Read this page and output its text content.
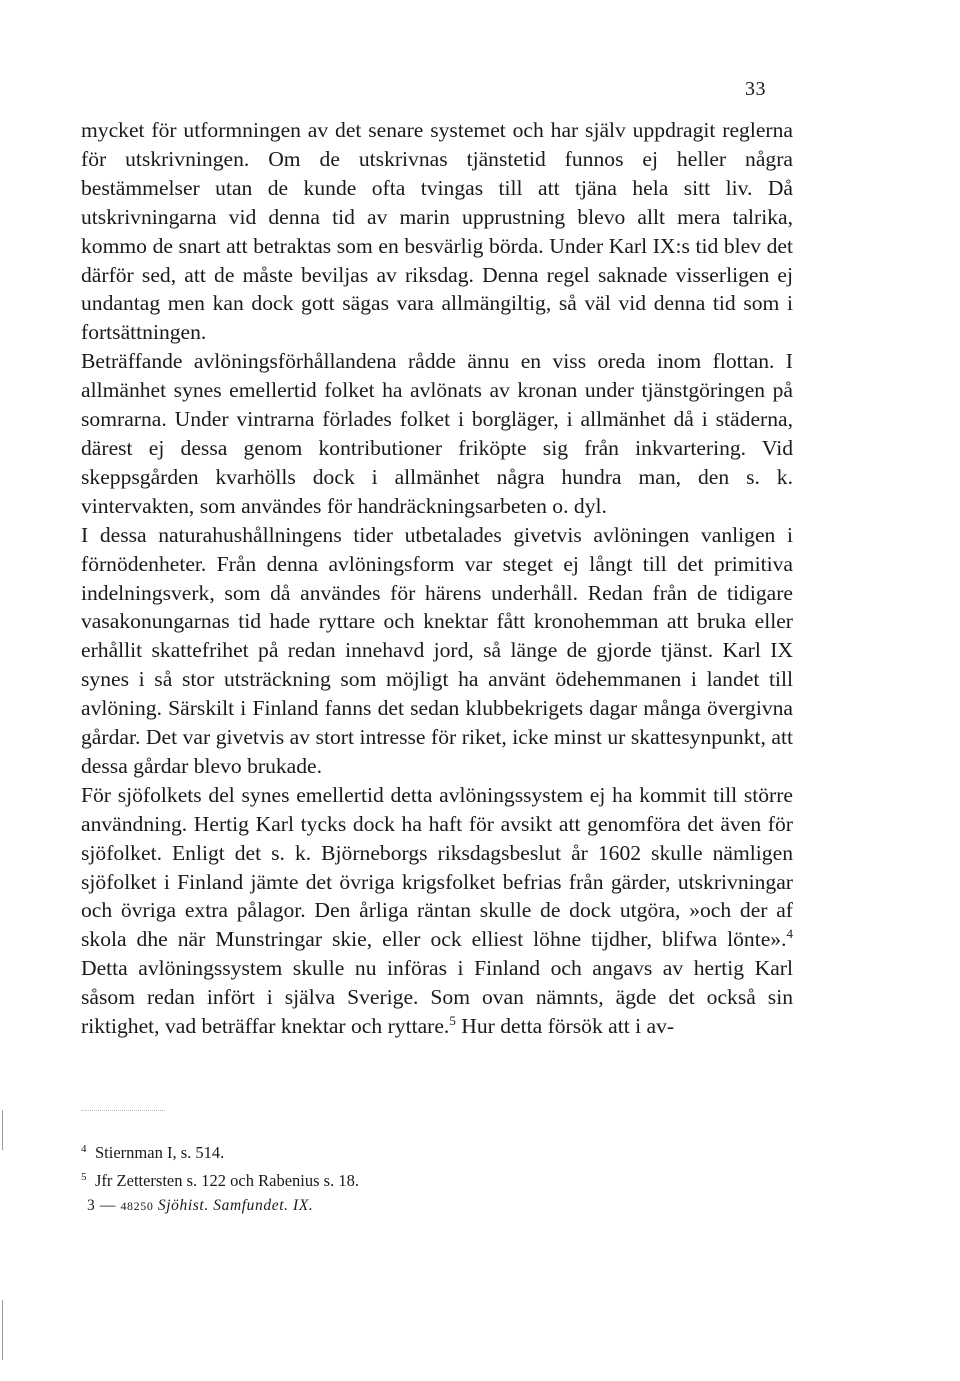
33

mycket för utformningen av det senare systemet och har själv uppdragit reglerna för utskrivningen. Om de utskrivnas tjänstetid funnos ej heller några bestämmelser utan de kunde ofta tvingas till att tjäna hela sitt liv. Då utskrivningarna vid denna tid av marin upprustning blevo allt mera talrika, kommo de snart att betraktas som en besvärlig börda. Under Karl IX:s tid blev det därför sed, att de måste beviljas av riksdag. Denna regel saknade visserligen ej undantag men kan dock gott sägas vara allmängiltig, så väl vid denna tid som i fortsättningen.

Beträffande avlöningsförhållandena rådde ännu en viss oreda inom flottan. I allmänhet synes emellertid folket ha avlönats av kronan under tjänstgöringen på somrarna. Under vintrarna förlades folket i borgläger, i allmänhet då i städerna, därest ej dessa genom kontributioner friköpte sig från inkvartering. Vid skeppsgården kvarhölls dock i allmänhet några hundra man, den s. k. vintervakten, som användes för handräckningsarbeten o. dyl.

I dessa naturahushållningens tider utbetalades givetvis avlöningen vanligen i förnödenheter. Från denna avlöningsform var steget ej långt till det primitiva indelningsverk, som då användes för härens underhåll. Redan från de tidigare vasakonungarnas tid hade ryttare och knektar fått kronohemman att bruka eller erhållit skattefrihet på redan innehavd jord, så länge de gjorde tjänst. Karl IX synes i så stor utsträckning som möjligt ha använt ödehemmanen i landet till avlöning. Särskilt i Finland fanns det sedan klubbekrigets dagar många övergivna gårdar. Det var givetvis av stort intresse för riket, icke minst ur skattesynpunkt, att dessa gårdar blevo brukade.

För sjöfolkets del synes emellertid detta avlöningssystem ej ha kommit till större användning. Hertig Karl tycks dock ha haft för avsikt att genomföra det även för sjöfolket. Enligt det s. k. Björneborgs riksdagsbeslut år 1602 skulle nämligen sjöfolket i Finland jämte det övriga krigsfolket befrias från gärder, utskrivningar och övriga extra pålagor. Den årliga räntan skulle de dock utgöra, »och der af skola dhe när Munstringar skie, eller ock elliest löhne tijdher, blifwa lönte».$^4$ Detta avlöningssystem skulle nu införas i Finland och angavs av hertig Karl såsom redan infört i själva Sverige. Som ovan nämnts, ägde det också sin riktighet, vad beträffar knektar och ryttare.$^5$ Hur detta försök att i av-

4 Stiernman I, s. 514.
5 Jfr Zettersten s. 122 och Rabenius s. 18.
3 — 48250 Sjöhist. Samfundet. IX.
